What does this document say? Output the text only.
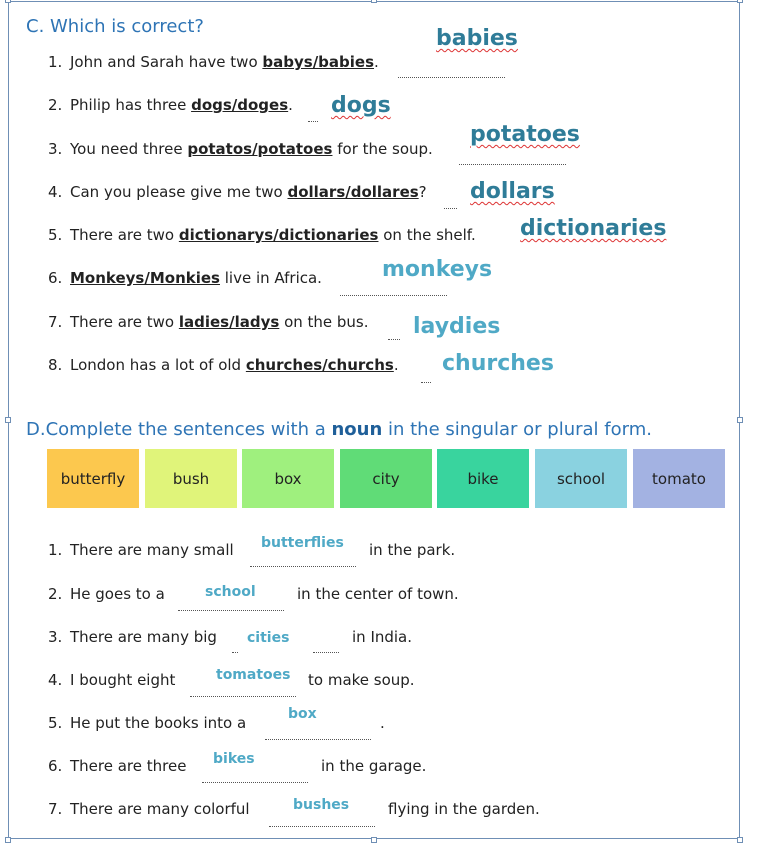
C. Which is correct?
1. John and Sarah have two babys/babies.
babies
2. Philip has three dogs/doges. dogs
3. You need three potatos/potatoes for the soup.
potatoes
4. Can you please give me two dollars/dollares? dollars
5. There are two dictionarys/dictionaries on the shelf. dictionaries
6. Monkeys/Monkies live in Africa.	monkeys
7. There are two ladies/ladys on the bus. laydies
8. London has a lot of old churches/churchs. churches
D.Complete the sentences with a noun in the singular or plural form.
butterfly	bush	box	city	bike	school	tomato
1. There are many small butterflies in the park.
2. He goes to a	school	in the center of town.
3. There are many big cities	in India.
4. I bought eight	tomatoes to make soup.
5. He put the books into a	box	.
6. There are three bikes	in the garage.
7. There are many colorful	bushes	flying in the garden.
